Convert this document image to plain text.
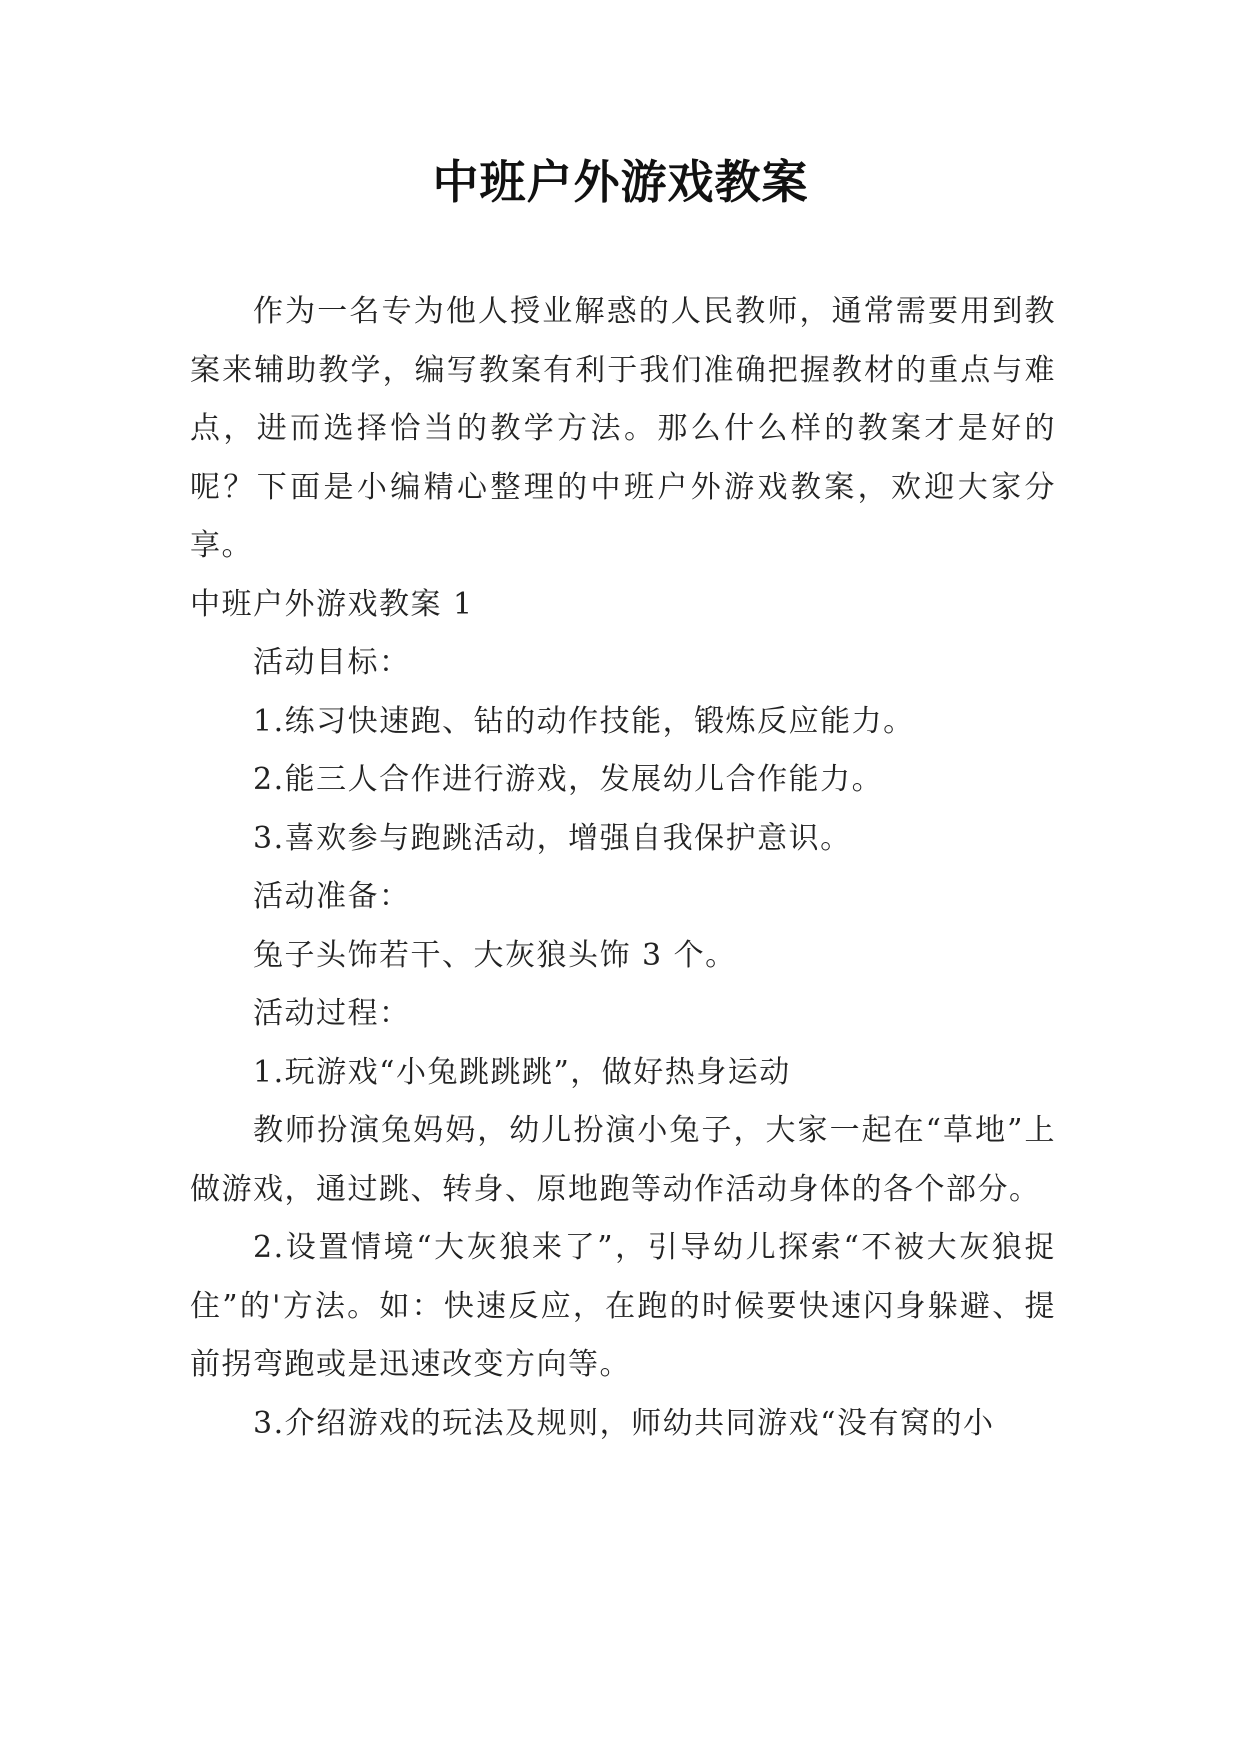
中班户外游戏教案

作为一名专为他人授业解惑的人民教师，通常需要用到教案来辅助教学，编写教案有利于我们准确把握教材的重点与难点，进而选择恰当的教学方法。那么什么样的教案才是好的呢？下面是小编精心整理的中班户外游戏教案，欢迎大家分享。

中班户外游戏教案 1

活动目标：

1.练习快速跑、钻的动作技能，锻炼反应能力。

2.能三人合作进行游戏，发展幼儿合作能力。

3.喜欢参与跑跳活动，增强自我保护意识。

活动准备：

兔子头饰若干、大灰狼头饰 3 个。

活动过程：

1.玩游戏“小兔跳跳跳”，做好热身运动

教师扮演兔妈妈，幼儿扮演小兔子，大家一起在“草地”上做游戏，通过跳、转身、原地跑等动作活动身体的各个部分。

2.设置情境“大灰狼来了”，引导幼儿探索“不被大灰狼捉住”的'方法。如：快速反应，在跑的时候要快速闪身躲避、提前拐弯跑或是迅速改变方向等。

3.介绍游戏的玩法及规则，师幼共同游戏“没有窝的小
